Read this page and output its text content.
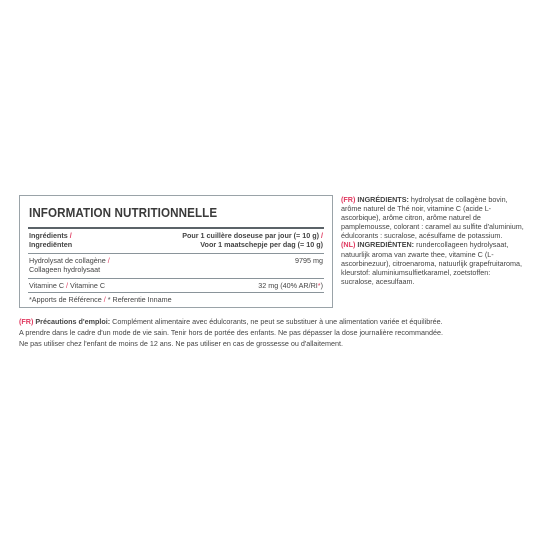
INFORMATION NUTRITIONNELLE
Ingrédients /
Ingrediënten
Pour 1 cuillère doseuse par jour (= 10 g) /
Voor 1 maatschepje per dag (= 10 g)
Hydrolysat de collagène /
Collageen hydrolysaat
9795 mg
Vitamine C / Vitamine C	32 mg (40% AR/RI*)
*Apports de Référence / * Referentie Inname

(FR) INGRÉDIENTS: hydrolysat de collagène bovin, arôme naturel de Thé noir, vitamine C (acide L-ascorbique), arôme citron, arôme naturel de pamplemousse, colorant : caramel au sulfite d'aluminium, édulcorants : sucralose, acésulfame de potassium.

(NL) INGREDIËNTEN: rundercollageen hydrolysaat, natuurlijk aroma van zwarte thee, vitamine C (L-ascorbinezuur), citroenaroma, natuurlijk grapefruitaroma, kleurstof: aluminiumsulfietkaramel, zoetstoffen: sucralose, acesulfaam.

(FR) Précautions d'emploi: Complément alimentaire avec édulcorants, ne peut se substituer à une alimentation variée et équilibrée.
A prendre dans le cadre d'un mode de vie sain. Tenir hors de portée des enfants. Ne pas dépasser la dose journalière recommandée.
Ne pas utiliser chez l'enfant de moins de 12 ans. Ne pas utiliser en cas de grossesse ou d'allaitement.
